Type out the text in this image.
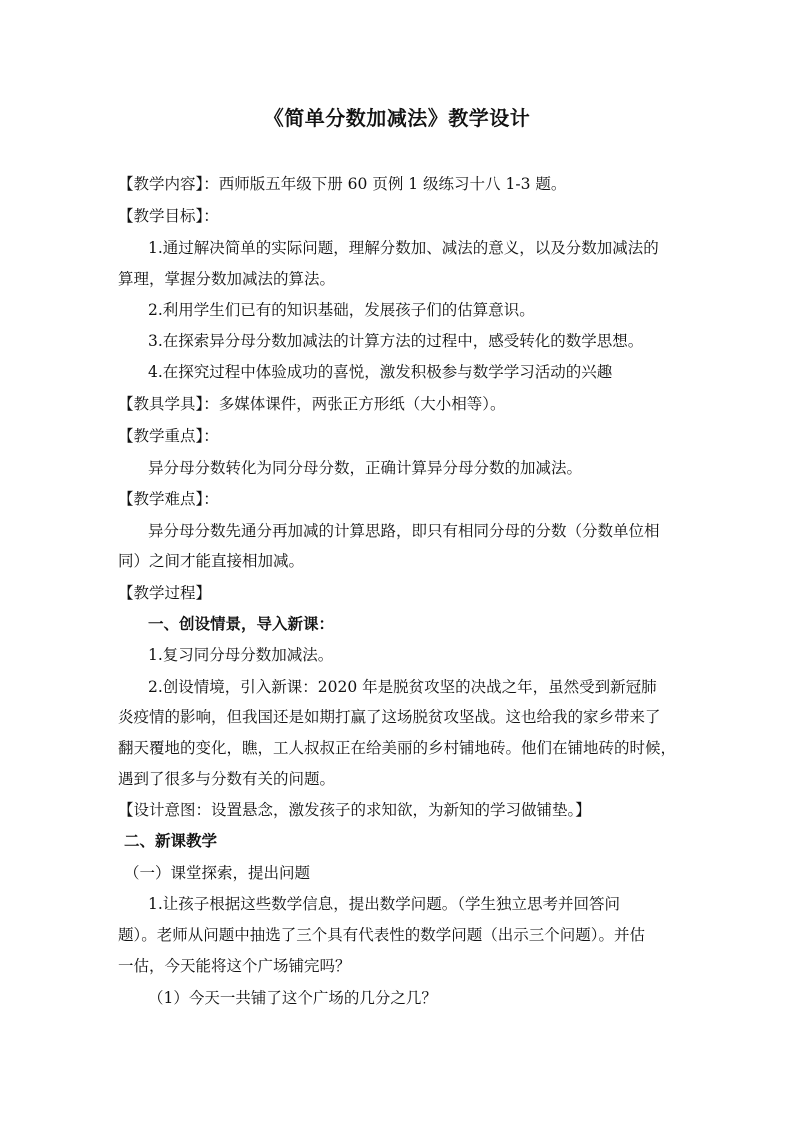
《简单分数加减法》教学设计
【教学内容】：西师版五年级下册 60 页例 1 级练习十八 1-3 题。
【教学目标】：
1.通过解决简单的实际问题，理解分数加、减法的意义，以及分数加减法的
算理，掌握分数加减法的算法。
2.利用学生们已有的知识基础，发展孩子们的估算意识。
3.在探索异分母分数加减法的计算方法的过程中，感受转化的数学思想。
4.在探究过程中体验成功的喜悦，激发积极参与数学学习活动的兴趣
【教具学具】：多媒体课件，两张正方形纸（大小相等）。
【教学重点】：
异分母分数转化为同分母分数，正确计算异分母分数的加减法。
【教学难点】：
异分母分数先通分再加减的计算思路，即只有相同分母的分数（分数单位相
同）之间才能直接相加减。
【教学过程】
一、创设情景，导入新课：
1.复习同分母分数加减法。
2.创设情境，引入新课：2020 年是脱贫攻坚的决战之年，虽然受到新冠肺
炎疫情的影响，但我国还是如期打赢了这场脱贫攻坚战。这也给我的家乡带来了
翻天覆地的变化，瞧，工人叔叔正在给美丽的乡村铺地砖。他们在铺地砖的时候，
遇到了很多与分数有关的问题。
【设计意图：设置悬念，激发孩子的求知欲，为新知的学习做铺垫。】
二、新课教学
（一）课堂探索，提出问题
1.让孩子根据这些数学信息，提出数学问题。（学生独立思考并回答问
题）。老师从问题中抽选了三个具有代表性的数学问题（出示三个问题）。并估
一估，今天能将这个广场铺完吗？
（1）今天一共铺了这个广场的几分之几？
